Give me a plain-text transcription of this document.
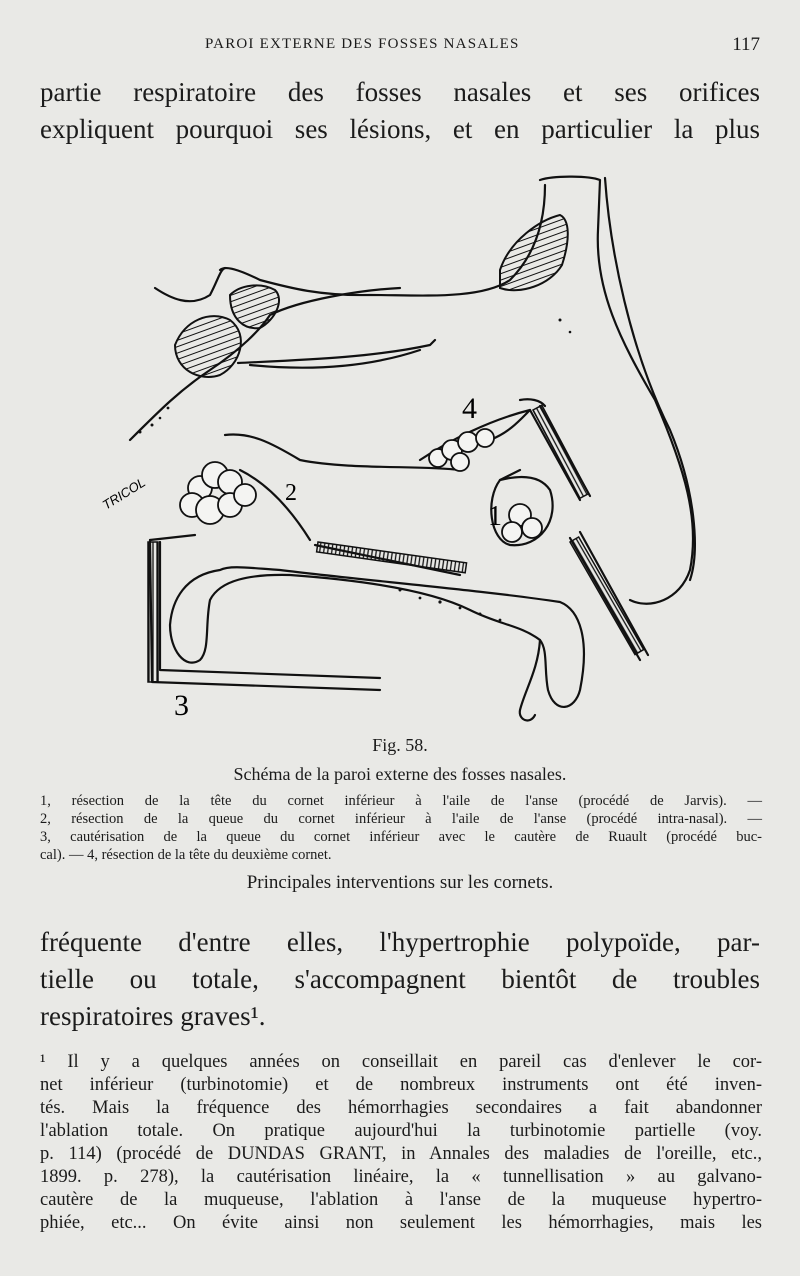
PAROI EXTERNE DES FOSSES NASALES	117
partie respiratoire des fosses nasales et ses orifices
expliquent pourquoi ses lésions, et en particulier la plus
1
2
3
4
TRICOL
Fig. 58.
Schéma de la paroi externe des fosses nasales.
1, résection de la tête du cornet inférieur à l'aile de l'anse (procédé de Jarvis). —
2, résection de la queue du cornet inférieur à l'aile de l'anse (procédé intra-nasal). —
3, cautérisation de la queue du cornet inférieur avec le cautère de Ruault (procédé buc-
cal). — 4, résection de la tête du deuxième cornet.
Principales interventions sur les cornets.
fréquente d'entre elles, l'hypertrophie polypoïde, par-
tielle ou totale, s'accompagnent bientôt de troubles
respiratoires graves¹.
¹ Il y a quelques années on conseillait en pareil cas d'enlever le cor-
net inférieur (turbinotomie) et de nombreux instruments ont été inven-
tés. Mais la fréquence des hémorrhagies secondaires a fait abandonner
l'ablation totale. On pratique aujourd'hui la turbinotomie partielle (voy.
p. 114) (procédé de DUNDAS GRANT, in Annales des maladies de l'oreille, etc.,
1899. p. 278), la cautérisation linéaire, la « tunnellisation » au galvano-
cautère de la muqueuse, l'ablation à l'anse de la muqueuse hypertro-
phiée, etc... On évite ainsi non seulement les hémorrhagies, mais les
